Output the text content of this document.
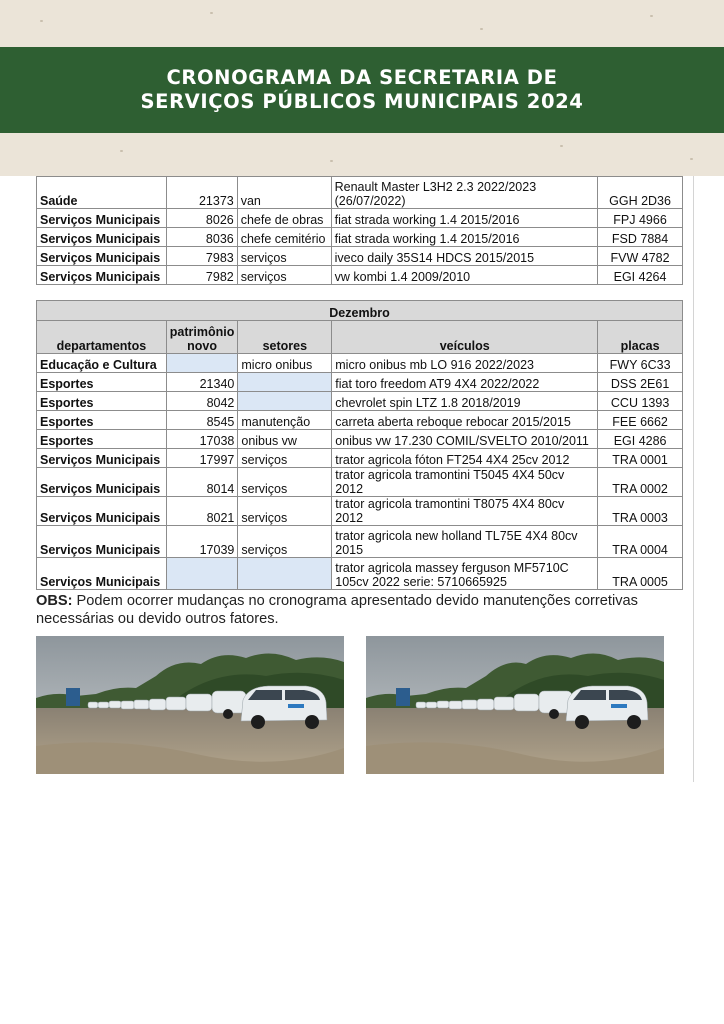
CRONOGRAMA DA SECRETARIA DE
SERVIÇOS PÚBLICOS MUNICIPAIS 2024
Saúde	21373	van	Renault Master L3H2 2.3 2022/2023
(26/07/2022)	GGH 2D36
Serviços Municipais	8026	chefe de obras	fiat strada working 1.4 2015/2016	FPJ 4966
Serviços Municipais	8036	chefe cemitério	fiat strada working 1.4 2015/2016	FSD 7884
Serviços Municipais	7983	serviços	iveco daily 35S14 HDCS 2015/2015	FVW 4782
Serviços Municipais	7982	serviços	vw kombi 1.4 2009/2010	EGI 4264
Dezembro				
departamentos	patrimônio
novo	setores	veículos	placas
Educação e Cultura		micro onibus	micro onibus mb LO 916 2022/2023	FWY 6C33
Esportes	21340		fiat toro freedom AT9 4X4 2022/2022	DSS 2E61
Esportes	8042		chevrolet spin LTZ 1.8 2018/2019	CCU 1393
Esportes	8545	manutenção	carreta aberta reboque rebocar 2015/2015	FEE 6662
Esportes	17038	onibus vw	onibus vw 17.230 COMIL/SVELTO 2010/2011	EGI 4286
Serviços Municipais	17997	serviços	trator agricola fóton FT254 4X4 25cv 2012	TRA 0001
Serviços Municipais	8014	serviços	trator agricola tramontini T5045 4X4 50cv 2012	TRA 0002
Serviços Municipais	8021	serviços	trator agricola tramontini T8075 4X4 80cv 2012	TRA 0003
Serviços Municipais	17039	serviços	trator agricola new holland TL75E 4X4 80cv
2015	TRA 0004
Serviços Municipais			trator agricola massey ferguson MF5710C
105cv 2022 serie: 5710665925	TRA 0005
OBS: Podem ocorrer mudanças no cronograma apresentado devido manutenções corretivas necessárias ou devido outros fatores.
